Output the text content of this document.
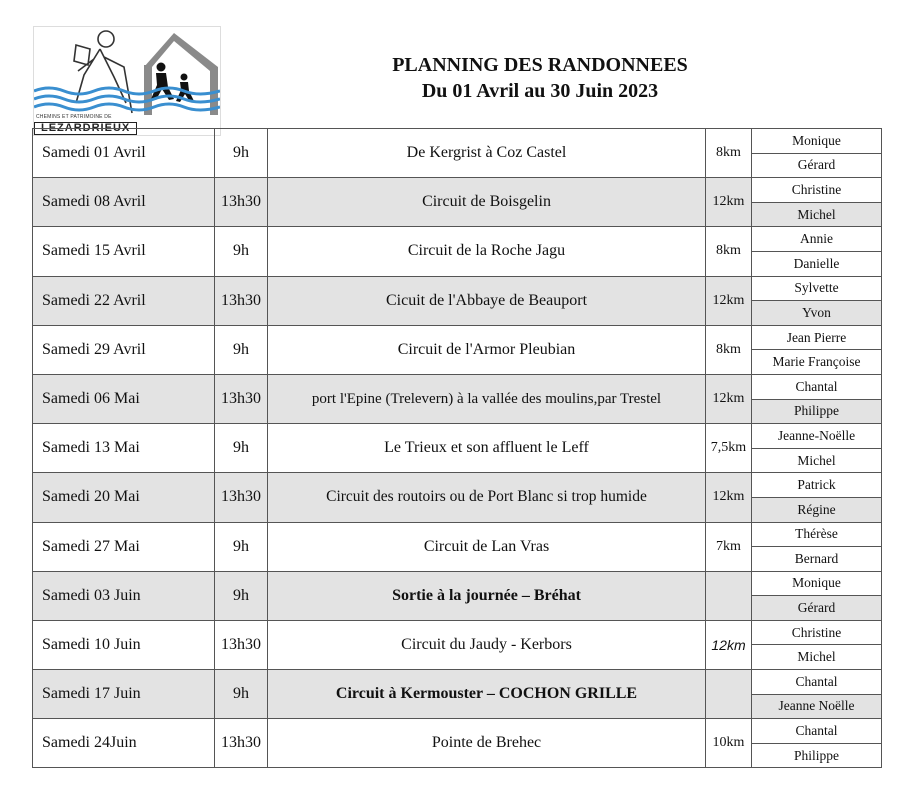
CHEMINS ET PATRIMOINE DE
LEZARDRIEUX
PLANNING DES RANDONNEES
Du 01 Avril au 30 Juin 2023
Samedi 01 Avril	9h	De Kergrist à Coz Castel	8km	Monique
				Gérard
Samedi 08 Avril	13h30	Circuit de Boisgelin	12km	Christine
				Michel
Samedi 15 Avril	9h	Circuit de la Roche Jagu	8km	Annie
				Danielle
Samedi 22 Avril	13h30	Cicuit de l'Abbaye de Beauport	12km	Sylvette
				Yvon
Samedi 29 Avril	9h	Circuit de l'Armor Pleubian	8km	Jean Pierre
				Marie Françoise
Samedi 06 Mai	13h30	port l'Epine (Trelevern) à la vallée des moulins,par Trestel	12km	Chantal
				Philippe
Samedi 13 Mai	9h	Le Trieux et son affluent le Leff	7,5km	Jeanne-Noëlle
				Michel
Samedi 20 Mai	13h30	Circuit des routoirs ou de Port Blanc si trop humide	12km	Patrick
				Régine
Samedi 27 Mai	9h	Circuit de Lan Vras	7km	Thérèse
				Bernard
Samedi 03 Juin	9h	Sortie à la journée – Bréhat		Monique
				Gérard
Samedi 10 Juin	13h30	Circuit du Jaudy - Kerbors	12km	Christine
				Michel
Samedi 17 Juin	9h	Circuit à Kermouster – COCHON GRILLE		Chantal
				Jeanne Noëlle
Samedi 24Juin	13h30	Pointe de Brehec	10km	Chantal
				Philippe
